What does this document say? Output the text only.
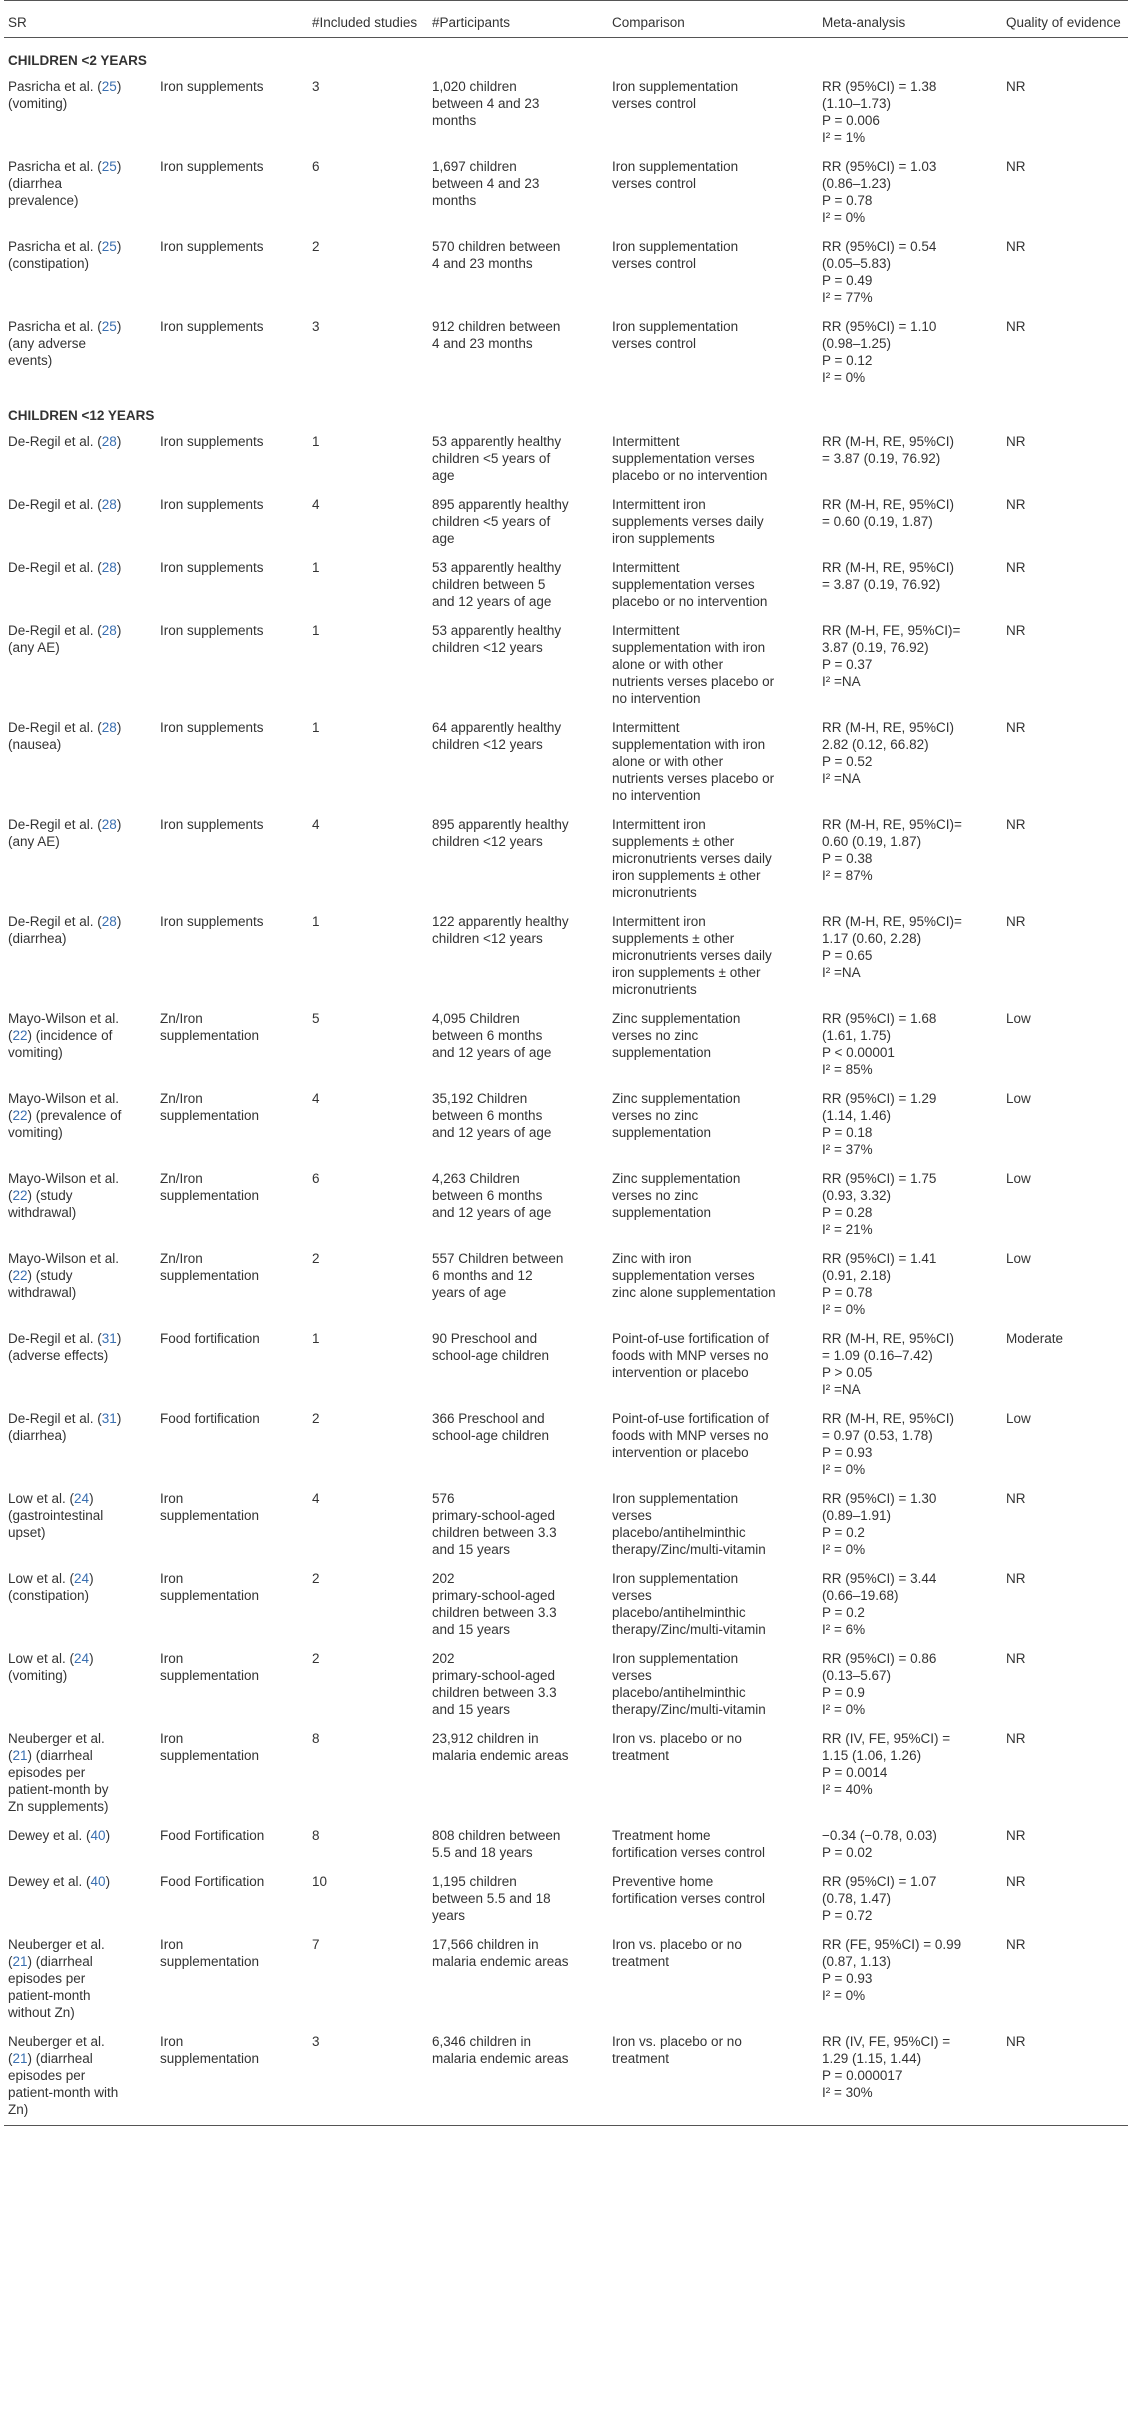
SR		#Included studies	#Participants	Comparison	Meta-analysis	Quality of evidence
CHILDREN <2 YEARS						

Pasricha et al. (25)
(vomiting)	Iron supplements	3	1,020 children
between 4 and 23
months	Iron supplementation
verses control	RR (95%CI) = 1.38
(1.10–1.73)
P = 0.006
I² = 1%	NR

Pasricha et al. (25)
(diarrhea
prevalence)	Iron supplements	6	1,697 children
between 4 and 23
months	Iron supplementation
verses control	RR (95%CI) = 1.03
(0.86–1.23)
P = 0.78
I² = 0%	NR

Pasricha et al. (25)
(constipation)	Iron supplements	2	570 children between
4 and 23 months	Iron supplementation
verses control	RR (95%CI) = 0.54
(0.05–5.83)
P = 0.49
I² = 77%	NR

Pasricha et al. (25)
(any adverse
events)	Iron supplements	3	912 children between
4 and 23 months	Iron supplementation
verses control	RR (95%CI) = 1.10
(0.98–1.25)
P = 0.12
I² = 0%	NR

CHILDREN <12 YEARS						

De-Regil et al. (28)	Iron supplements	1	53 apparently healthy
children <5 years of
age	Intermittent
supplementation verses
placebo or no intervention	RR (M-H, RE, 95%CI)
= 3.87 (0.19, 76.92)	NR

De-Regil et al. (28)	Iron supplements	4	895 apparently healthy
children <5 years of
age	Intermittent iron
supplements verses daily
iron supplements	RR (M-H, RE, 95%CI)
= 0.60 (0.19, 1.87)	NR

De-Regil et al. (28)	Iron supplements	1	53 apparently healthy
children between 5
and 12 years of age	Intermittent
supplementation verses
placebo or no intervention	RR (M-H, RE, 95%CI)
= 3.87 (0.19, 76.92)	NR

De-Regil et al. (28)
(any AE)	Iron supplements	1	53 apparently healthy
children <12 years	Intermittent
supplementation with iron
alone or with other
nutrients verses placebo or
no intervention	RR (M-H, FE, 95%CI)=
3.87 (0.19, 76.92)
P = 0.37
I² =NA	NR

De-Regil et al. (28)
(nausea)	Iron supplements	1	64 apparently healthy
children <12 years	Intermittent
supplementation with iron
alone or with other
nutrients verses placebo or
no intervention	RR (M-H, RE, 95%CI)
2.82 (0.12, 66.82)
P = 0.52
I² =NA	NR

De-Regil et al. (28)
(any AE)	Iron supplements	4	895 apparently healthy
children <12 years	Intermittent iron
supplements ± other
micronutrients verses daily
iron supplements ± other
micronutrients	RR (M-H, RE, 95%CI)=
0.60 (0.19, 1.87)
P = 0.38
I² = 87%	NR

De-Regil et al. (28)
(diarrhea)	Iron supplements	1	122 apparently healthy
children <12 years	Intermittent iron
supplements ± other
micronutrients verses daily
iron supplements ± other
micronutrients	RR (M-H, RE, 95%CI)=
1.17 (0.60, 2.28)
P = 0.65
I² =NA	NR

Mayo-Wilson et al.
(22) (incidence of
vomiting)	Zn/Iron
supplementation	5	4,095 Children
between 6 months
and 12 years of age	Zinc supplementation
verses no zinc
supplementation	RR (95%CI) = 1.68
(1.61, 1.75)
P < 0.00001
I² = 85%	Low

Mayo-Wilson et al.
(22) (prevalence of
vomiting)	Zn/Iron
supplementation	4	35,192 Children
between 6 months
and 12 years of age	Zinc supplementation
verses no zinc
supplementation	RR (95%CI) = 1.29
(1.14, 1.46)
P = 0.18
I² = 37%	Low

Mayo-Wilson et al.
(22) (study
withdrawal)	Zn/Iron
supplementation	6	4,263 Children
between 6 months
and 12 years of age	Zinc supplementation
verses no zinc
supplementation	RR (95%CI) = 1.75
(0.93, 3.32)
P = 0.28
I² = 21%	Low

Mayo-Wilson et al.
(22) (study
withdrawal)	Zn/Iron
supplementation	2	557 Children between
6 months and 12
years of age	Zinc with iron
supplementation verses
zinc alone supplementation	RR (95%CI) = 1.41
(0.91, 2.18)
P = 0.78
I² = 0%	Low

De-Regil et al. (31)
(adverse effects)	Food fortification	1	90 Preschool and
school-age children	Point-of-use fortification of
foods with MNP verses no
intervention or placebo	RR (M-H, RE, 95%CI)
= 1.09 (0.16–7.42)
P > 0.05
I² =NA	Moderate

De-Regil et al. (31)
(diarrhea)	Food fortification	2	366 Preschool and
school-age children	Point-of-use fortification of
foods with MNP verses no
intervention or placebo	RR (M-H, RE, 95%CI)
= 0.97 (0.53, 1.78)
P = 0.93
I² = 0%	Low

Low et al. (24)
(gastrointestinal
upset)	Iron
supplementation	4	576
primary-school-aged
children between 3.3
and 15 years	Iron supplementation
verses
placebo/antihelminthic
therapy/Zinc/multi-vitamin	RR (95%CI) = 1.30
(0.89–1.91)
P = 0.2
I² = 0%	NR

Low et al. (24)
(constipation)	Iron
supplementation	2	202
primary-school-aged
children between 3.3
and 15 years	Iron supplementation
verses
placebo/antihelminthic
therapy/Zinc/multi-vitamin	RR (95%CI) = 3.44
(0.66–19.68)
P = 0.2
I² = 6%	NR

Low et al. (24)
(vomiting)	Iron
supplementation	2	202
primary-school-aged
children between 3.3
and 15 years	Iron supplementation
verses
placebo/antihelminthic
therapy/Zinc/multi-vitamin	RR (95%CI) = 0.86
(0.13–5.67)
P = 0.9
I² = 0%	NR

Neuberger et al.
(21) (diarrheal
episodes per
patient-month by
Zn supplements)	Iron
supplementation	8	23,912 children in
malaria endemic areas	Iron vs. placebo or no
treatment	RR (IV, FE, 95%CI) =
1.15 (1.06, 1.26)
P = 0.0014
I² = 40%	NR

Dewey et al. (40)	Food Fortification	8	808 children between
5.5 and 18 years	Treatment home
fortification verses control	−0.34 (−0.78, 0.03)
P = 0.02	NR

Dewey et al. (40)	Food Fortification	10	1,195 children
between 5.5 and 18
years	Preventive home
fortification verses control	RR (95%CI) = 1.07
(0.78, 1.47)
P = 0.72	NR

Neuberger et al.
(21) (diarrheal
episodes per
patient-month
without Zn)	Iron
supplementation	7	17,566 children in
malaria endemic areas	Iron vs. placebo or no
treatment	RR (FE, 95%CI) = 0.99
(0.87, 1.13)
P = 0.93
I² = 0%	NR

Neuberger et al.
(21) (diarrheal
episodes per
patient-month with
Zn)	Iron
supplementation	3	6,346 children in
malaria endemic areas	Iron vs. placebo or no
treatment	RR (IV, FE, 95%CI) =
1.29 (1.15, 1.44)
P = 0.000017
I² = 30%	NR
